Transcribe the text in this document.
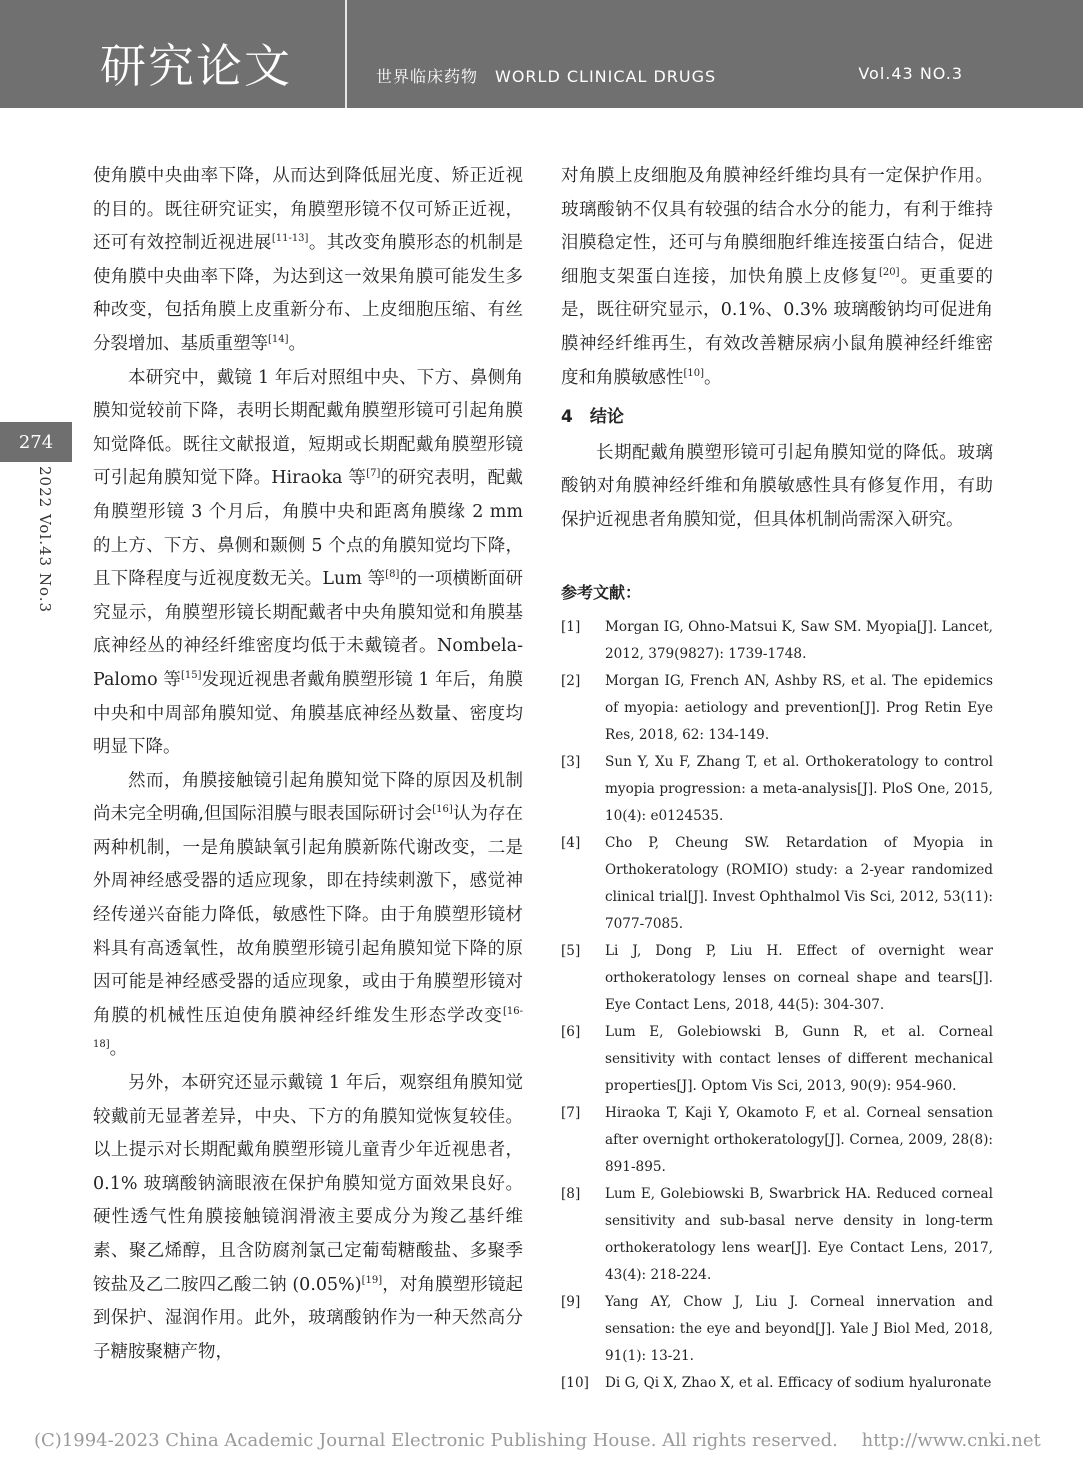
研究论文	世界临床药物　WORLD CLINICAL DRUGS	Vol.43 NO.3
274
2022 Vol.43 No.3

使角膜中央曲率下降，从而达到降低屈光度、矫正近视的目的。既往研究证实，角膜塑形镜不仅可矫正近视，还可有效控制近视进展[11-13]。其改变角膜形态的机制是使角膜中央曲率下降，为达到这一效果角膜可能发生多种改变，包括角膜上皮重新分布、上皮细胞压缩、有丝分裂增加、基质重塑等[14]。

本研究中，戴镜 1 年后对照组中央、下方、鼻侧角膜知觉较前下降，表明长期配戴角膜塑形镜可引起角膜知觉降低。既往文献报道，短期或长期配戴角膜塑形镜可引起角膜知觉下降。Hiraoka 等[7]的研究表明，配戴角膜塑形镜 3 个月后，角膜中央和距离角膜缘 2 mm 的上方、下方、鼻侧和颞侧 5 个点的角膜知觉均下降，且下降程度与近视度数无关。Lum 等[8]的一项横断面研究显示，角膜塑形镜长期配戴者中央角膜知觉和角膜基底神经丛的神经纤维密度均低于未戴镜者。Nombela-Palomo 等[15]发现近视患者戴角膜塑形镜 1 年后，角膜中央和中周部角膜知觉、角膜基底神经丛数量、密度均明显下降。

然而，角膜接触镜引起角膜知觉下降的原因及机制尚未完全明确,但国际泪膜与眼表国际研讨会[16]认为存在两种机制，一是角膜缺氧引起角膜新陈代谢改变，二是外周神经感受器的适应现象，即在持续刺激下，感觉神经传递兴奋能力降低，敏感性下降。由于角膜塑形镜材料具有高透氧性，故角膜塑形镜引起角膜知觉下降的原因可能是神经感受器的适应现象，或由于角膜塑形镜对角膜的机械性压迫使角膜神经纤维发生形态学改变[16-18]。

另外，本研究还显示戴镜 1 年后，观察组角膜知觉较戴前无显著差异，中央、下方的角膜知觉恢复较佳。以上提示对长期配戴角膜塑形镜儿童青少年近视患者，0.1% 玻璃酸钠滴眼液在保护角膜知觉方面效果良好。硬性透气性角膜接触镜润滑液主要成分为羧乙基纤维素、聚乙烯醇，且含防腐剂氯己定葡萄糖酸盐、多聚季铵盐及乙二胺四乙酸二钠 (0.05%)[19]，对角膜塑形镜起到保护、湿润作用。此外，玻璃酸钠作为一种天然高分子糖胺聚糖产物，

对角膜上皮细胞及角膜神经纤维均具有一定保护作用。玻璃酸钠不仅具有较强的结合水分的能力，有利于维持泪膜稳定性，还可与角膜细胞纤维连接蛋白结合，促进细胞支架蛋白连接，加快角膜上皮修复[20]。更重要的是，既往研究显示，0.1%、0.3% 玻璃酸钠均可促进角膜神经纤维再生，有效改善糖尿病小鼠角膜神经纤维密度和角膜敏感性[10]。

4　结论

长期配戴角膜塑形镜可引起角膜知觉的降低。玻璃酸钠对角膜神经纤维和角膜敏感性具有修复作用，有助保护近视患者角膜知觉，但具体机制尚需深入研究。

参考文献：
[1]	Morgan IG, Ohno-Matsui K, Saw SM. Myopia[J]. Lancet, 2012, 379(9827): 1739-1748.
[2]	Morgan IG, French AN, Ashby RS, et al. The epidemics of myopia: aetiology and prevention[J]. Prog Retin Eye Res, 2018, 62: 134-149.
[3]	Sun Y, Xu F, Zhang T, et al. Orthokeratology to control myopia progression: a meta-analysis[J]. PloS One, 2015, 10(4): e0124535.
[4]	Cho P, Cheung SW. Retardation of Myopia in Orthokeratology (ROMIO) study: a 2-year randomized clinical trial[J]. Invest Ophthalmol Vis Sci, 2012, 53(11): 7077-7085.
[5]	Li J, Dong P, Liu H. Effect of overnight wear orthokeratology lenses on corneal shape and tears[J]. Eye Contact Lens, 2018, 44(5): 304-307.
[6]	Lum E, Golebiowski B, Gunn R, et al. Corneal sensitivity with contact lenses of different mechanical properties[J]. Optom Vis Sci, 2013, 90(9): 954-960.
[7]	Hiraoka T, Kaji Y, Okamoto F, et al. Corneal sensation after overnight orthokeratology[J]. Cornea, 2009, 28(8): 891-895.
[8]	Lum E, Golebiowski B, Swarbrick HA. Reduced corneal sensitivity and sub-basal nerve density in long-term orthokeratology lens wear[J]. Eye Contact Lens, 2017, 43(4): 218-224.
[9]	Yang AY, Chow J, Liu J. Corneal innervation and sensation: the eye and beyond[J]. Yale J Biol Med, 2018, 91(1): 13-21.
[10]	Di G, Qi X, Zhao X, et al. Efficacy of sodium hyaluronate
(C)1994-2023 China Academic Journal Electronic Publishing House. All rights reserved.　 http://www.cnki.net
